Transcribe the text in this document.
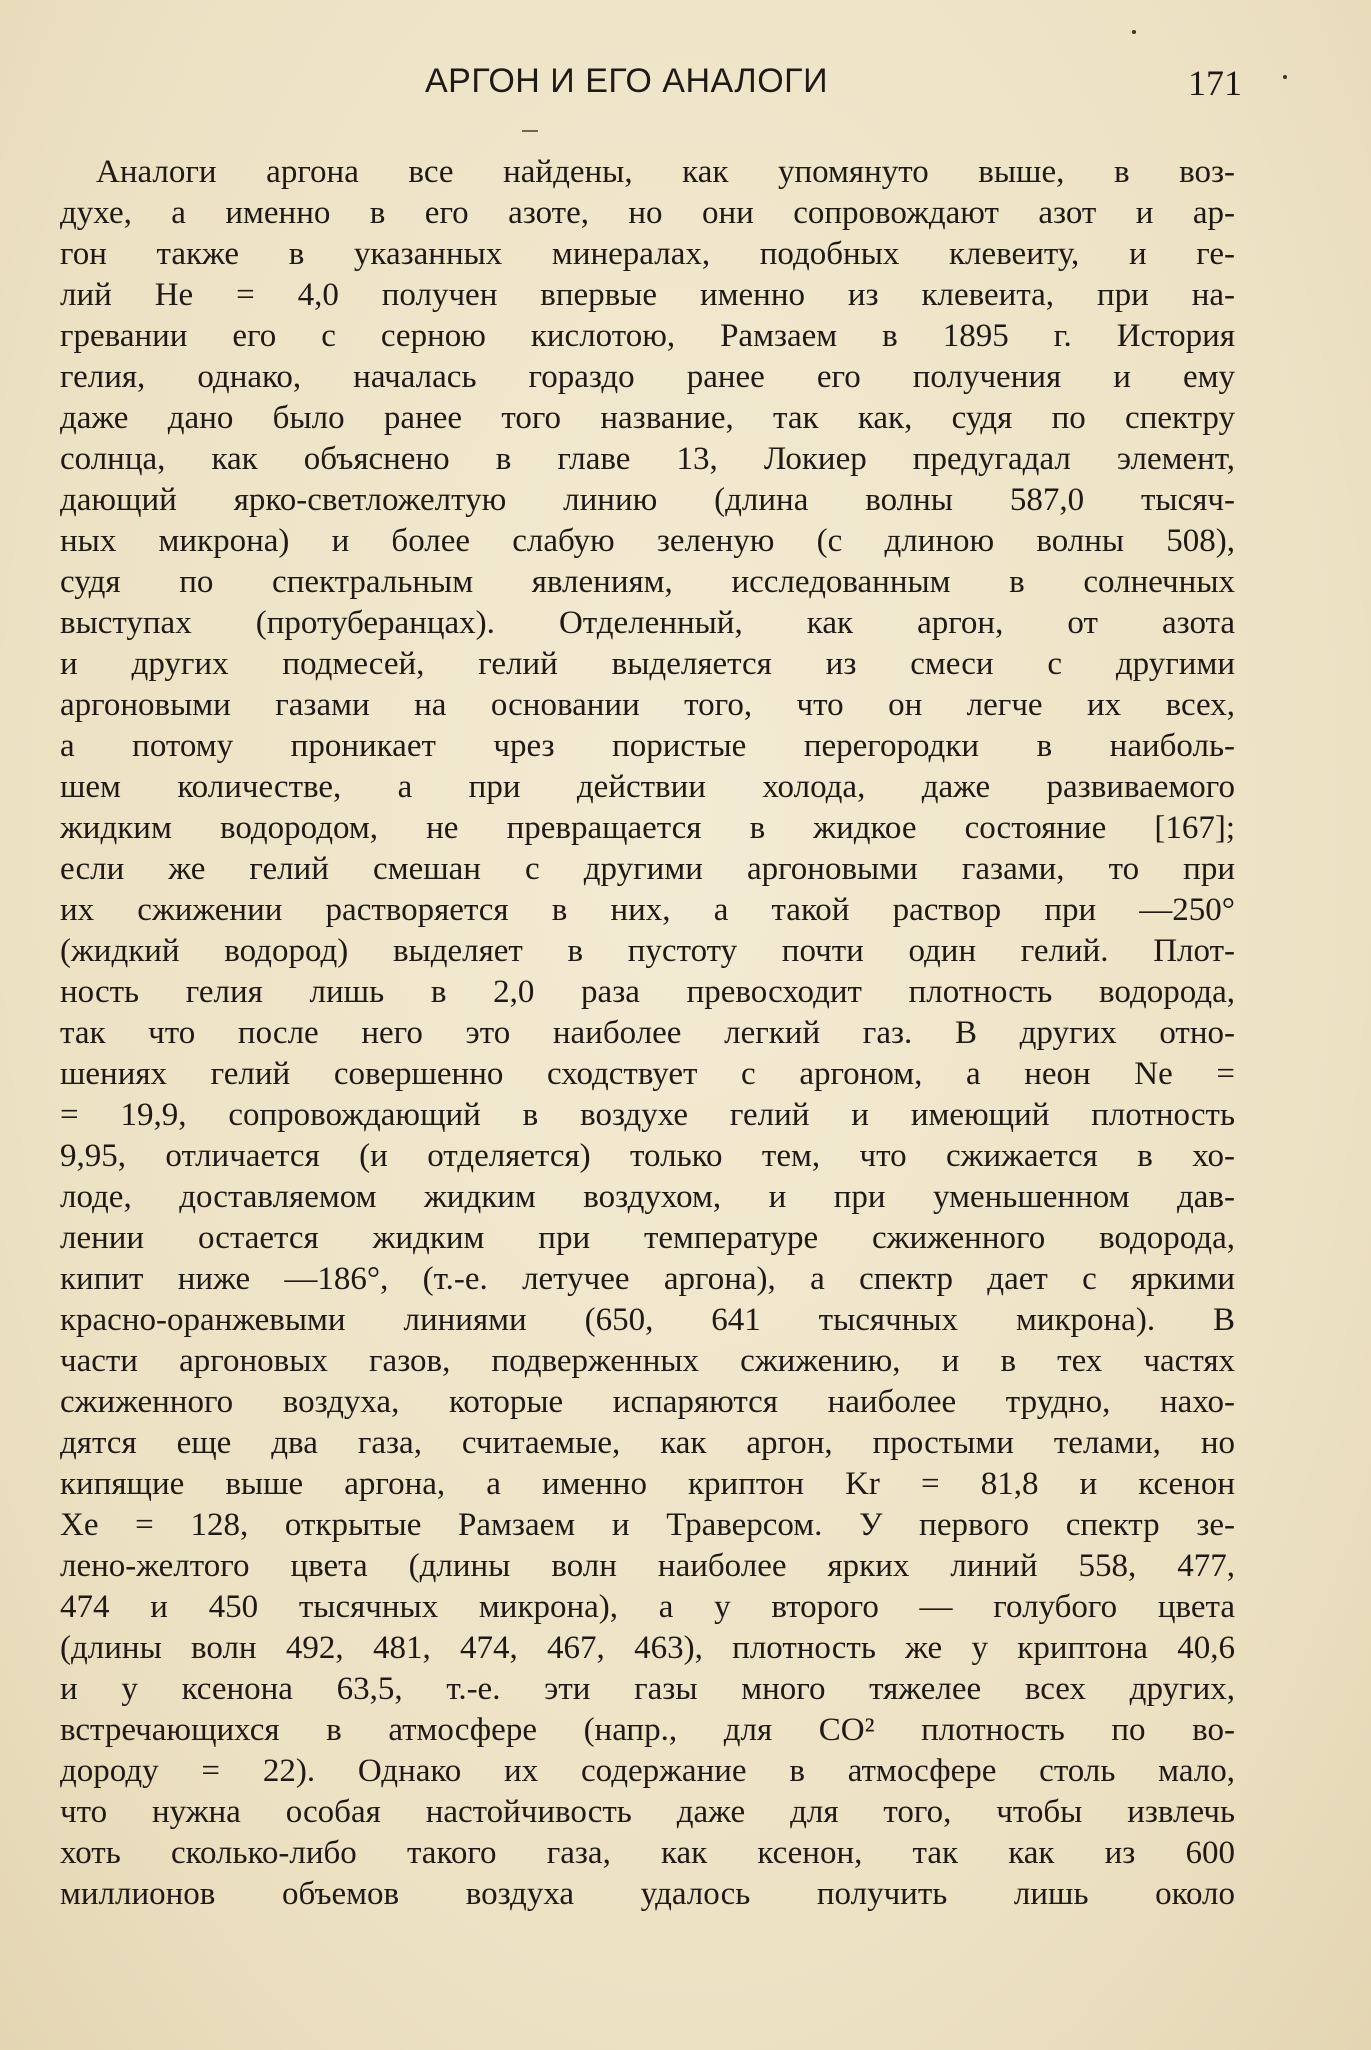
АРГОН И ЕГО АНАЛОГИ	171
Аналоги аргона все найдены, как упомянуто выше, в воз-
духе, а именно в его азоте, но они сопровождают азот и ар-
гон также в указанных минералах, подобных клевеиту, и ге-
лий He = 4,0 получен впервые именно из клевеита, при на-
гревании его с серною кислотою, Рамзаем в 1895 г. История
гелия, однако, началась гораздо ранее его получения и ему
даже дано было ранее того название, так как, судя по спектру
солнца, как объяснено в главе 13, Локиер предугадал элемент,
дающий ярко-светложелтую линию (длина волны 587,0 тысяч-
ных микрона) и более слабую зеленую (с длиною волны 508),
судя по спектральным явлениям, исследованным в солнечных
выступах (протуберанцах). Отделенный, как аргон, от азота
и других подмесей, гелий выделяется из смеси с другими
аргоновыми газами на основании того, что он легче их всех,
а потому проникает чрез пористые перегородки в наиболь-
шем количестве, а при действии холода, даже развиваемого
жидким водородом, не превращается в жидкое состояние [167];
если же гелий смешан с другими аргоновыми газами, то при
их сжижении растворяется в них, а такой раствор при —250°
(жидкий водород) выделяет в пустоту почти один гелий. Плот-
ность гелия лишь в 2,0 раза превосходит плотность водорода,
так что после него это наиболее легкий газ. В других отно-
шениях гелий совершенно сходствует с аргоном, а неон Ne =
= 19,9, сопровождающий в воздухе гелий и имеющий плотность
9,95, отличается (и отделяется) только тем, что сжижается в хо-
лоде, доставляемом жидким воздухом, и при уменьшенном дав-
лении остается жидким при температуре сжиженного водорода,
кипит ниже —186°, (т.-е. летучее аргона), а спектр дает с яркими
красно-оранжевыми линиями (650, 641 тысячных микрона). В
части аргоновых газов, подверженных сжижению, и в тех частях
сжиженного воздуха, которые испаряются наиболее трудно, нахо-
дятся еще два газа, считаемые, как аргон, простыми телами, но
кипящие выше аргона, а именно криптон Kr = 81,8 и ксенон
Xe = 128, открытые Рамзаем и Траверсом. У первого спектр зе-
лено-желтого цвета (длины волн наиболее ярких линий 558, 477,
474 и 450 тысячных микрона), а у второго — голубого цвета
(длины волн 492, 481, 474, 467, 463), плотность же у криптона 40,6
и у ксенона 63,5, т.-е. эти газы много тяжелее всех других,
встречающихся в атмосфере (напр., для CO² плотность по во-
дороду = 22). Однако их содержание в атмосфере столь мало,
что нужна особая настойчивость даже для того, чтобы извлечь
хоть сколько-либо такого газа, как ксенон, так как из 600
миллионов объемов воздуха удалось получить лишь около
